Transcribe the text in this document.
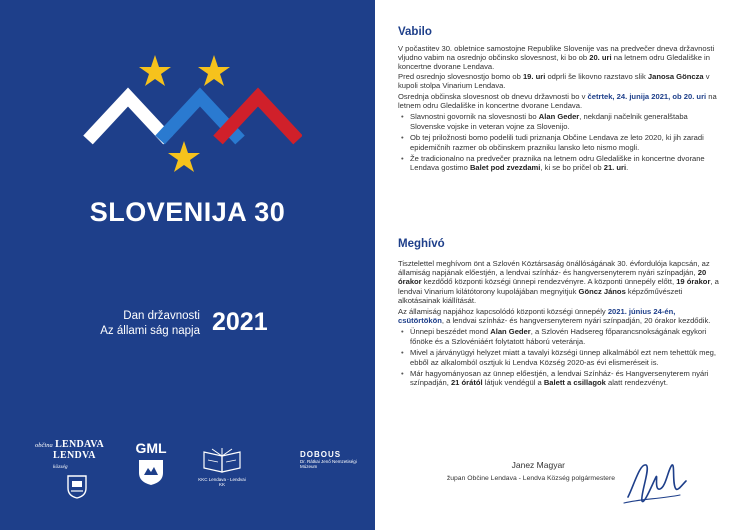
SLOVENIJA 30
Dan državnosti
Az állami ság napja 2021
občina LENDAVA
LENDVA község
GML
KKC Lendava - Lendvai KK
DOBOUS
Dr. Rátkai Jenő Nemzetiségi Múzeum
Vabilo

V počastitev 30. obletnice samostojne Republike Slovenije vas na predvečer dneva državnosti vljudno vabim na osrednjo občinsko slovesnost, ki bo ob 20. uri na letnem odru Gledališke in koncertne dvorane Lendava.
Pred osrednjo slovesnostjo bomo ob 19. uri odprli še likovno razstavo slik Janosa Göncza v kupoli stolpa Vinarium Lendava.

Osrednja občinska slovesnost ob dnevu državnosti bo v četrtek, 24. junija 2021, ob 20. uri na letnem odru Gledališke in koncertne dvorane Lendava.

• Slavnostni govornik na slovesnosti bo Alan Geder, nekdanji načelnik generalštaba Slovenske vojske in veteran vojne za Slovenijo.
• Ob tej priložnosti bomo podelili tudi priznanja Občine Lendava ze leto 2020, ki jih zaradi epidemičnih razmer ob občinskem prazniku lansko leto nismo mogli.
• Že tradicionalno na predvečer praznika na letnem odru Gledališke in koncertne dvorane Lendava gostimo Balet pod zvezdami, ki se bo pričel ob 21. uri.
Meghívó

Tisztelettel meghívom önt a Szlovén Köztársaság önállóságának 30. évfordulója kapcsán, az államiság napjának előestjén, a lendvai színház- és hangversenyterem nyári színpadján, 20 órakor kezdődő központi községi ünnepi rendezvényre. A központi ünnepély előtt, 19 órakor, a lendvai Vinarium kilátótorony kupolájában megnyitjuk Göncz János képzőművészeti alkotásainak kiállítását.

Az államiság napjához kapcsolódó központi községi ünnepély 2021. június 24-én, csütörtökön, a lendvai színház- és hangversenyterem nyári színpadján, 20 órakor kezdődik.

• Ünnepi beszédet mond Alan Geder, a Szlovén Hadsereg főparancsnokságának egykori főnöke és a Szlovéniáért folytatott háború veteránja.
• Mivel a járványügyi helyzet miatt a tavalyi községi ünnep alkalmából ezt nem tehettük meg, ebből az alkalomból osztjuk ki Lendva Község 2020-as évi elismeréseit is.
• Már hagyományosan az ünnep előestjén, a lendvai Színház- és Hangversenyterem nyári színpadján, 21 órától látjuk vendégül a Balett a csillagok alatt rendezvényt.
Janez Magyar
župan Občine Lendava - Lendva Község polgármestere
